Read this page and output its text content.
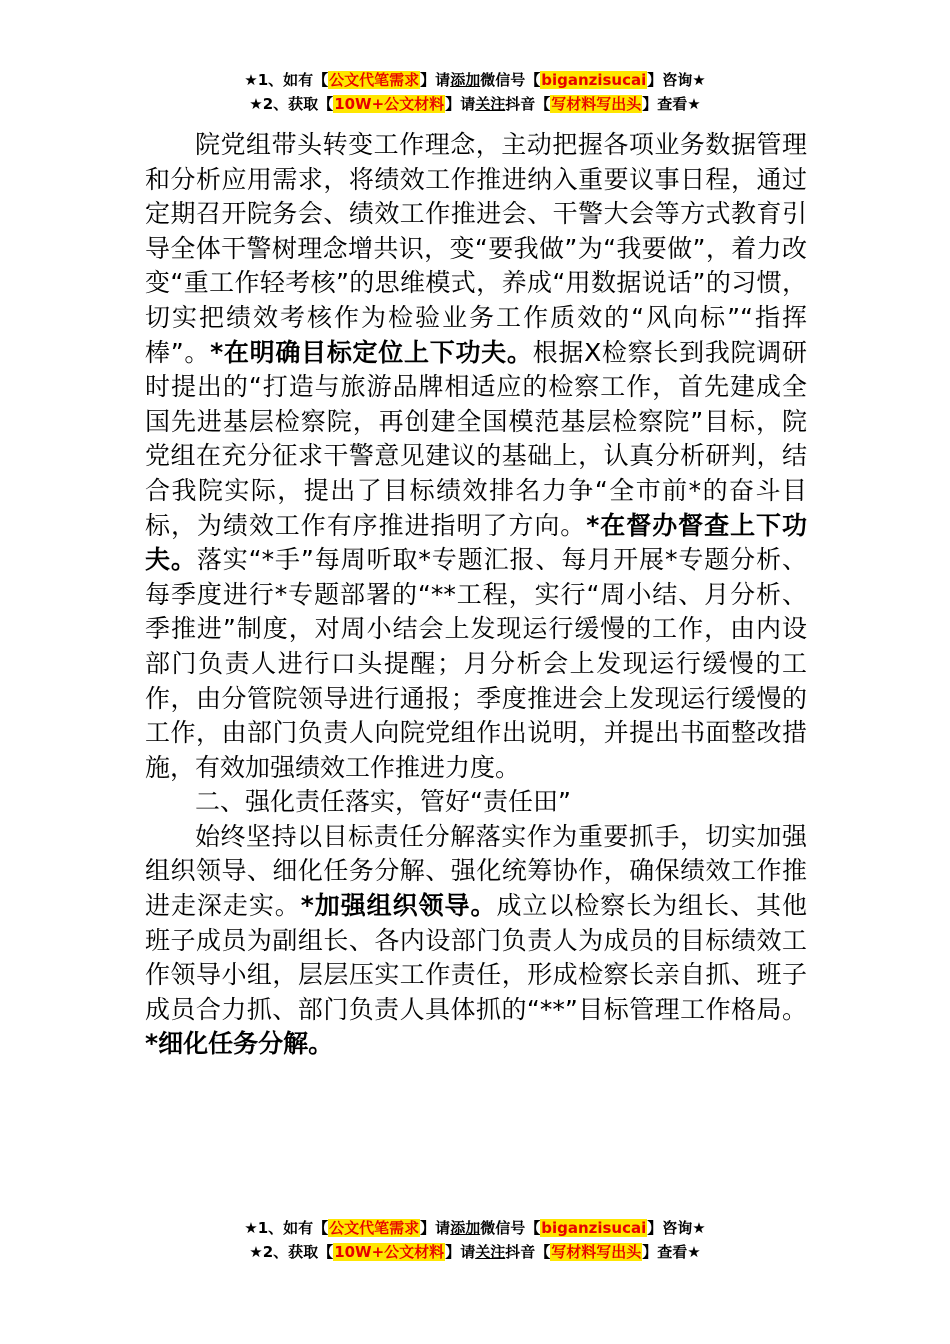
★1、如有【公文代笔需求】请添加微信号【biganzisucai】咨询★
★2、获取【10W+公文材料】请关注抖音【写材料写出头】查看★

院党组带头转变工作理念，主动把握各项业务数据管理和分析应用需求，将绩效工作推进纳入重要议事日程，通过定期召开院务会、绩效工作推进会、干警大会等方式教育引导全体干警树理念增共识，变“要我做”为“我要做”，着力改变“重工作轻考核”的思维模式，养成“用数据说话”的习惯，切实把绩效考核作为检验业务工作质效的“风向标”“指挥棒”。*在明确目标定位上下功夫。根据X检察长到我院调研时提出的“打造与旅游品牌相适应的检察工作，首先建成全国先进基层检察院，再创建全国模范基层检察院”目标，院党组在充分征求干警意见建议的基础上，认真分析研判，结合我院实际，提出了目标绩效排名力争“全市前*的奋斗目标，为绩效工作有序推进指明了方向。*在督办督查上下功夫。落实“*手”每周听取*专题汇报、每月开展*专题分析、每季度进行*专题部署的“**工程，实行“周小结、月分析、季推进”制度，对周小结会上发现运行缓慢的工作，由内设部门负责人进行口头提醒；月分析会上发现运行缓慢的工作，由分管院领导进行通报；季度推进会上发现运行缓慢的工作，由部门负责人向院党组作出说明，并提出书面整改措施，有效加强绩效工作推进力度。

二、强化责任落实，管好“责任田”

始终坚持以目标责任分解落实作为重要抓手，切实加强组织领导、细化任务分解、强化统筹协作，确保绩效工作推进走深走实。*加强组织领导。成立以检察长为组长、其他班子成员为副组长、各内设部门负责人为成员的目标绩效工作领导小组，层层压实工作责任，形成检察长亲自抓、班子成员合力抓、部门负责人具体抓的“**”目标管理工作格局。*细化任务分解。

★1、如有【公文代笔需求】请添加微信号【biganzisucai】咨询★
★2、获取【10W+公文材料】请关注抖音【写材料写出头】查看★
